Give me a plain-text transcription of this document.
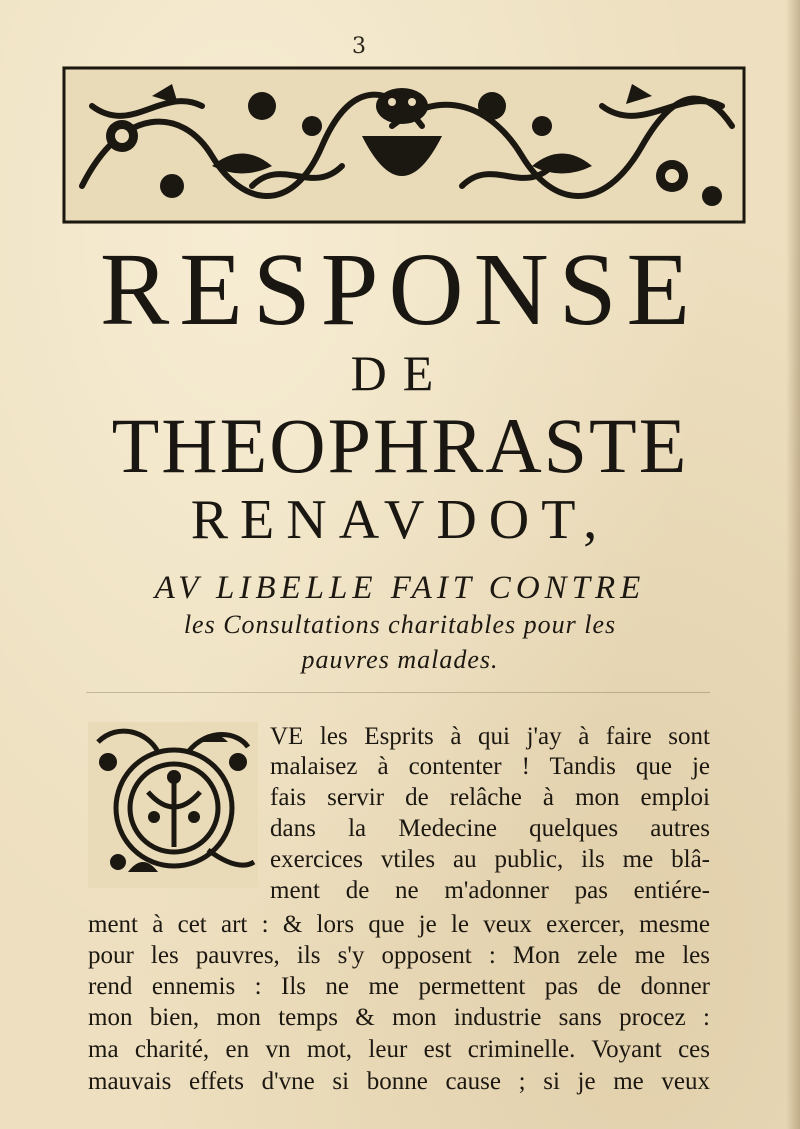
3
RESPONSE
DE
THEOPHRASTE
RENAVDOT,
AV LIBELLE FAIT CONTRE
les Consultations charitables pour les
pauvres malades.
VE les Esprits à qui j'ay à faire sont
malaisez à contenter ! Tandis que je
fais servir de relâche à mon emploi
dans la Medecine quelques autres
exercices vtiles au public, ils me blâ-
ment de ne m'adonner pas entiére-
ment à cet art : & lors que je le veux exercer, mesme
pour les pauvres, ils s'y opposent : Mon zele me les
rend ennemis : Ils ne me permettent pas de donner
mon bien, mon temps & mon industrie sans procez :
ma charité, en vn mot, leur est criminelle. Voyant ces
mauvais effets d'vne si bonne cause ; si je me veux
